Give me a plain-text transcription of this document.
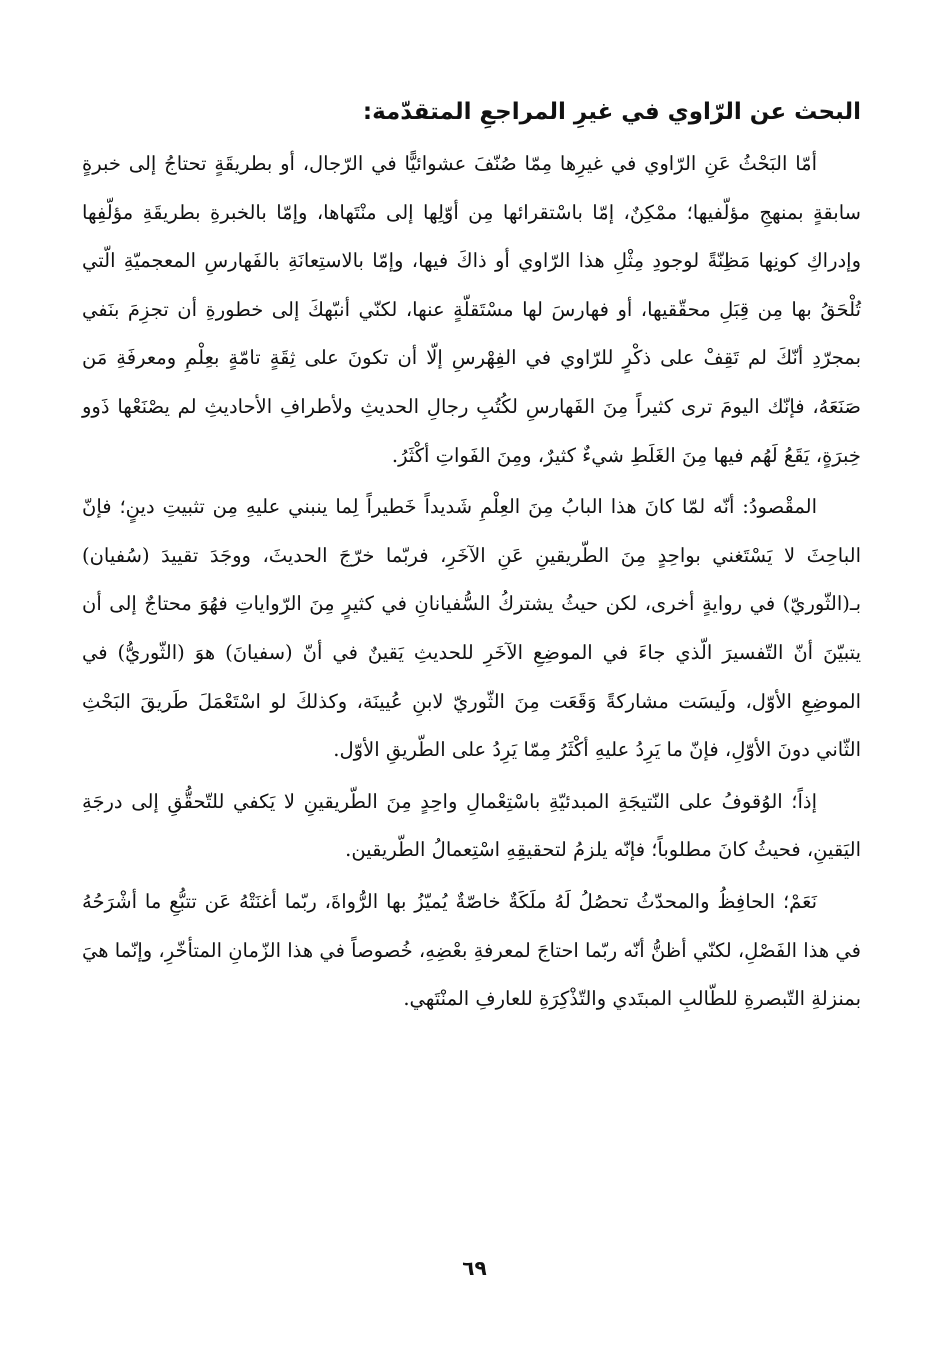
البحث عن الرّاوي في غيرِ المراجعِ المتقدّمة:

أمّا البَحْثُ عَنِ الرّاوي في غيرِها مِمّا صُنّفَ عشوائيًّا في الرّجال، أو بطريقَةٍ تحتاجُ إلى خبرةٍ سابقةٍ بمنهجِ مؤلّفيها؛ ممْكِنٌ، إمّا باسْتقرائها مِن أوّلِها إلى منْتَهاها، وإمّا بالخبرةِ بطريقَةِ مؤلّفِها وإدراكِ كونِها مَظِنّةً لوجودِ مِثْلِ هذا الرّاوي أو ذاكَ فيها، وإمّا بالاستِعانَةِ بالفَهارسِ المعجميّةِ الّتي تُلْحَقُ بها مِن قِبَلِ محقّقيها، أو فهارسَ لها مسْتَقلّةٍ عنها، لكنّي أنبّهكَ إلى خطورةِ أن تجزِمَ بنَفي بمجرّدِ أنّكَ لم تَقِفْ على ذكْرٍ للرّاوي في الفِهْرسِ إلّا أن تكونَ على ثِقَةٍ تامّةٍ بعِلْمِ ومعرفَةِ مَن صَنَعَهُ، فإنّك اليومَ ترى كثيراً مِنَ الفَهارسِ لكُتُبِ رجالِ الحديثِ ولأطرافِ الأحاديثِ لم يصْنَعْها ذَوو خِبرَةٍ، يَقَعُ لَهُم فيها مِنَ الغَلَطِ شيءٌ كثيرٌ، ومِنَ الفَواتِ أكْثَرُ.

المقْصودُ: أنّه لمّا كانَ هذا البابُ مِنَ العِلْمِ شَديداً خَطيراً لِما ينبني عليهِ مِن تثبيتِ دينٍ؛ فإنّ الباحِثَ لا يَسْتَغني بواحِدٍ مِنَ الطّريقينِ عَنِ الآخَرِ، فربّما خرّجَ الحديثَ، ووجَدَ تقييدَ (سُفيان) بـ(الثّوريّ) في روايةٍ أخرى، لكن حيثُ يشتركُ السُّفيانانِ في كثيرٍ مِنَ الرّواياتِ فهُوَ محتاجٌ إلى أن يتبيّنَ أنّ التّفسيرَ الّذي جاءَ في الموضِعِ الآخَرِ للحديثِ يَقينٌ في أنّ (سفيانَ) هوَ (الثّوريُّ) في الموضِعِ الأوّل، ولَيسَت مشاركةً وَقَعَت مِنَ الثّوريّ لابنِ عُيينَة، وكذلكَ لو اسْتَعْمَلَ طَريقَ البَحْثِ الثّاني دونَ الأوّلِ، فإنّ ما يَرِدُ عليهِ أكْثَرُ مِمّا يَرِدُ على الطّريقِ الأوّل.

إذاً؛ الوُقوفُ على النّتيجَةِ المبدئيّةِ باسْتِعْمالِ واحِدٍ مِنَ الطّريقينِ لا يَكفي للتّحقُّقِ إلى درجَةِ اليَقينِ، فحيثُ كانَ مطلوباً؛ فإنّه يلزمُ لتحقيقِهِ اسْتِعمالُ الطّريقين.

نَعَمْ؛ الحافِظُ والمحدّثُ تحصُلُ لَهُ ملَكَةٌ خاصّةٌ يُميّزُ بها الرُّواةَ، ربّما أغنَتْهُ عَن تتبُّعِ ما أشْرَحُهُ في هذا الفَصْلِ، لكنّي أظنُّ أنّه ربّما احتاجَ لمعرفةِ بعْضِهِ، خُصوصاً في هذا الزّمانِ المتأخّرِ، وإنّما هيَ بمنزلةِ التّبصرةِ للطّالبِ المبتَدي والتّذْكِرَةِ للعارفِ المنْتَهي.

٦٩
